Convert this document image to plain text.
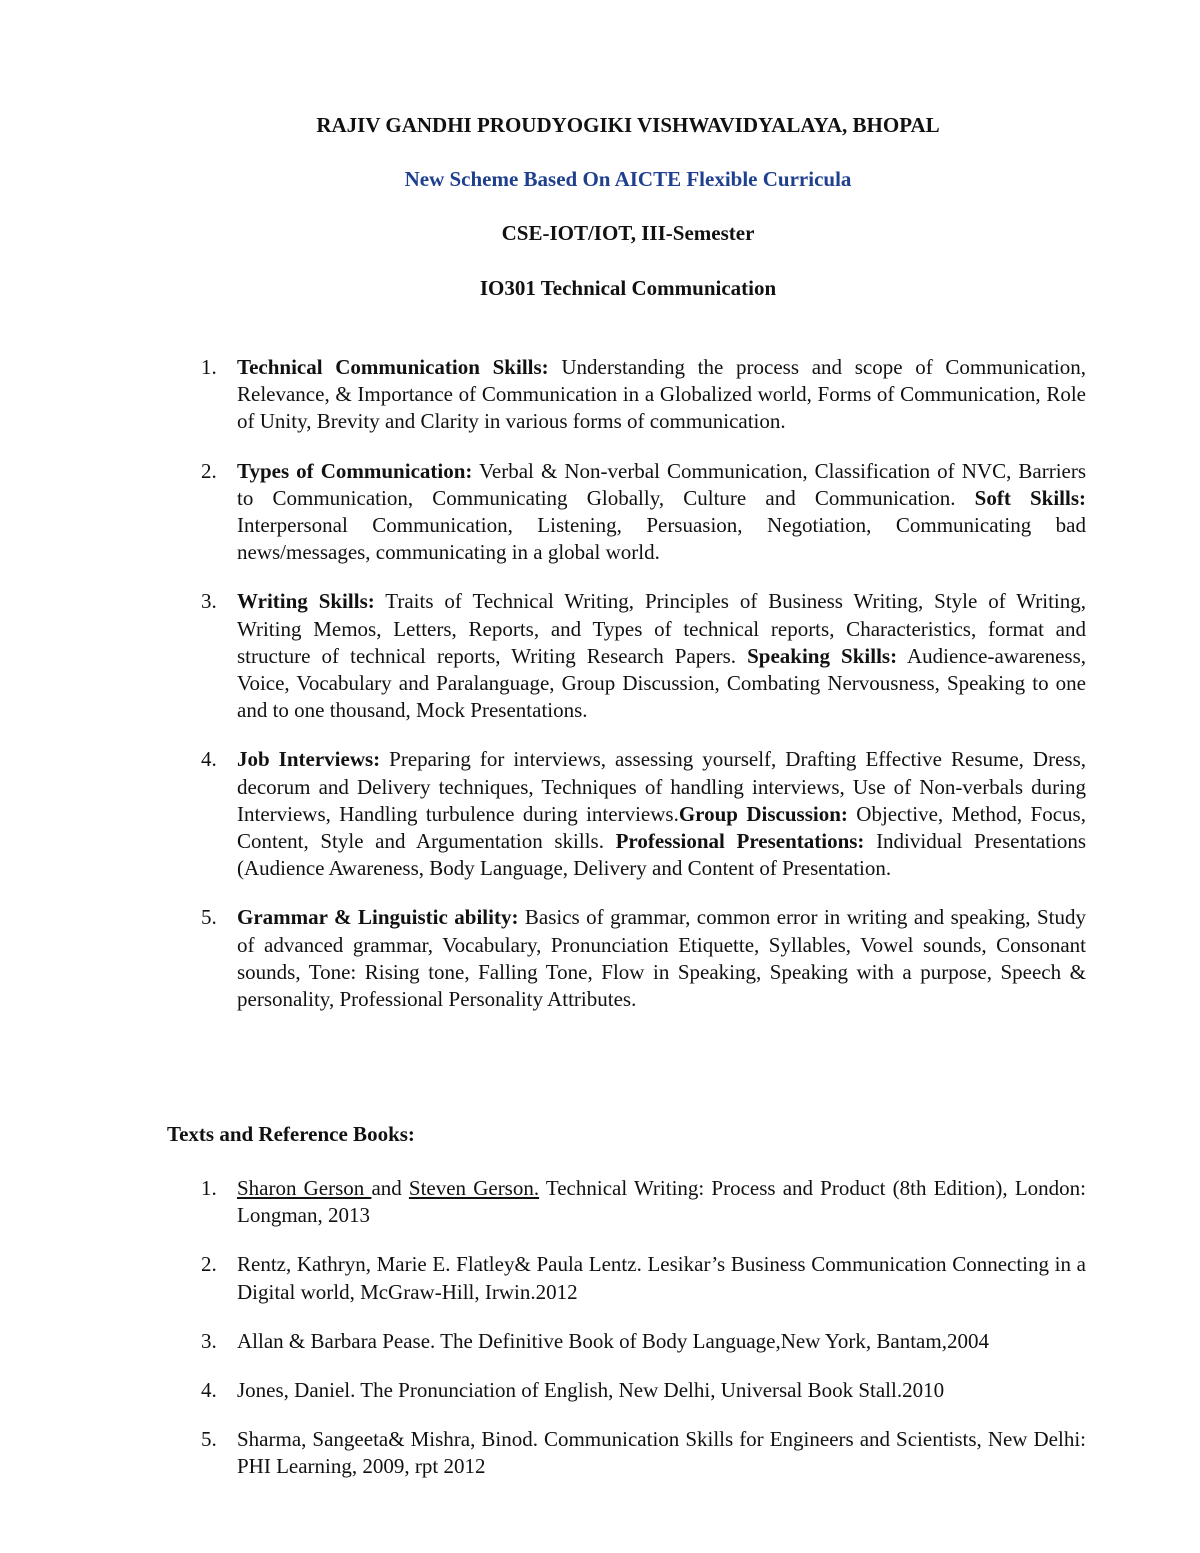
RAJIV GANDHI PROUDYOGIKI VISHWAVIDYALAYA, BHOPAL
New Scheme Based On AICTE Flexible Curricula
CSE-IOT/IOT, III-Semester
IO301 Technical Communication
1. Technical Communication Skills: Understanding the process and scope of Communication, Relevance, & Importance of Communication in a Globalized world, Forms of Communication, Role of Unity, Brevity and Clarity in various forms of communication.
2. Types of Communication: Verbal & Non-verbal Communication, Classification of NVC, Barriers to Communication, Communicating Globally, Culture and Communication. Soft Skills: Interpersonal Communication, Listening, Persuasion, Negotiation, Communicating bad news/messages, communicating in a global world.
3. Writing Skills: Traits of Technical Writing, Principles of Business Writing, Style of Writing, Writing Memos, Letters, Reports, and Types of technical reports, Characteristics, format and structure of technical reports, Writing Research Papers. Speaking Skills: Audience-awareness, Voice, Vocabulary and Paralanguage, Group Discussion, Combating Nervousness, Speaking to one and to one thousand, Mock Presentations.
4. Job Interviews: Preparing for interviews, assessing yourself, Drafting Effective Resume, Dress, decorum and Delivery techniques, Techniques of handling interviews, Use of Non-verbals during Interviews, Handling turbulence during interviews.Group Discussion: Objective, Method, Focus, Content, Style and Argumentation skills. Professional Presentations: Individual Presentations (Audience Awareness, Body Language, Delivery and Content of Presentation.
5. Grammar & Linguistic ability: Basics of grammar, common error in writing and speaking, Study of advanced grammar, Vocabulary, Pronunciation Etiquette, Syllables, Vowel sounds, Consonant sounds, Tone: Rising tone, Falling Tone, Flow in Speaking, Speaking with a purpose, Speech & personality, Professional Personality Attributes.
Texts and Reference Books:
1. Sharon Gerson and Steven Gerson. Technical Writing: Process and Product (8th Edition), London: Longman, 2013
2. Rentz, Kathryn, Marie E. Flatley& Paula Lentz. Lesikar’s Business Communication Connecting in a Digital world, McGraw-Hill, Irwin.2012
3. Allan & Barbara Pease. The Definitive Book of Body Language,New York, Bantam,2004
4. Jones, Daniel. The Pronunciation of English, New Delhi, Universal Book Stall.2010
5. Sharma, Sangeeta& Mishra, Binod. Communication Skills for Engineers and Scientists, New Delhi: PHI Learning, 2009, rpt 2012
